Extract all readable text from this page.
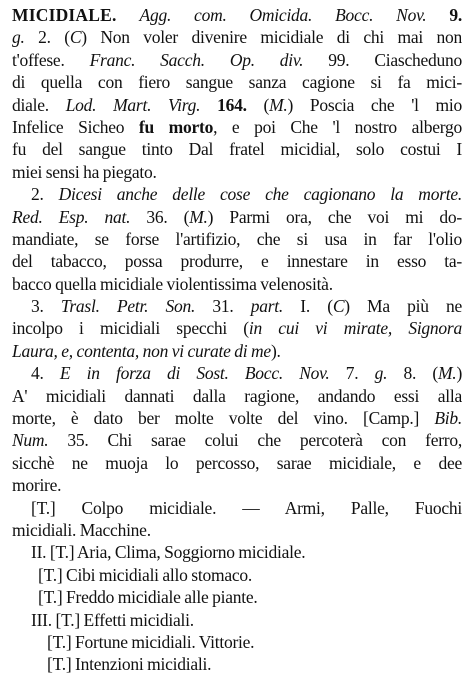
MICIDIALE. Agg. com. Omicida. Bocc. Nov. 9.
g. 2. (C) Non voler divenire micidiale di chi mai non
t'offese. Franc. Sacch. Op. div. 99. Ciascheduno
di quella con fiero sangue sanza cagione si fa mici-
diale. Lod. Mart. Virg. 164. (M.) Poscia che 'l mio
Infelice Sicheo fu morto, e poi Che 'l nostro albergo
fu del sangue tinto Dal fratel micidial, solo costui I
miei sensi ha piegato.
2. Dicesi anche delle cose che cagionano la morte.
Red. Esp. nat. 36. (M.) Parmi ora, che voi mi do-
mandiate, se forse l'artifizio, che si usa in far l'olio
del tabacco, possa produrre, e innestare in esso ta-
bacco quella micidiale violentissima velenosità.
3. Trasl. Petr. Son. 31. part. I. (C) Ma più ne
incolpo i micidiali specchi (in cui vi mirate, Signora
Laura, e, contenta, non vi curate di me).
4. E in forza di Sost. Bocc. Nov. 7. g. 8. (M.)
A' micidiali dannati dalla ragione, andando essi alla
morte, è dato ber molte volte del vino. [Camp.] Bib.
Num. 35. Chi sarae colui che percoterà con ferro,
sicchè ne muoja lo percosso, sarae micidiale, e dee
morire.
[T.] Colpo micidiale. — Armi, Palle, Fuochi
micidiali. Macchine.
II. [T.] Aria, Clima, Soggiorno micidiale.
[T.] Cibi micidiali allo stomaco.
[T.] Freddo micidiale alle piante.
III. [T.] Effetti micidiali.
[T.] Fortune micidiali. Vittorie.
[T.] Intenzioni micidiali.
